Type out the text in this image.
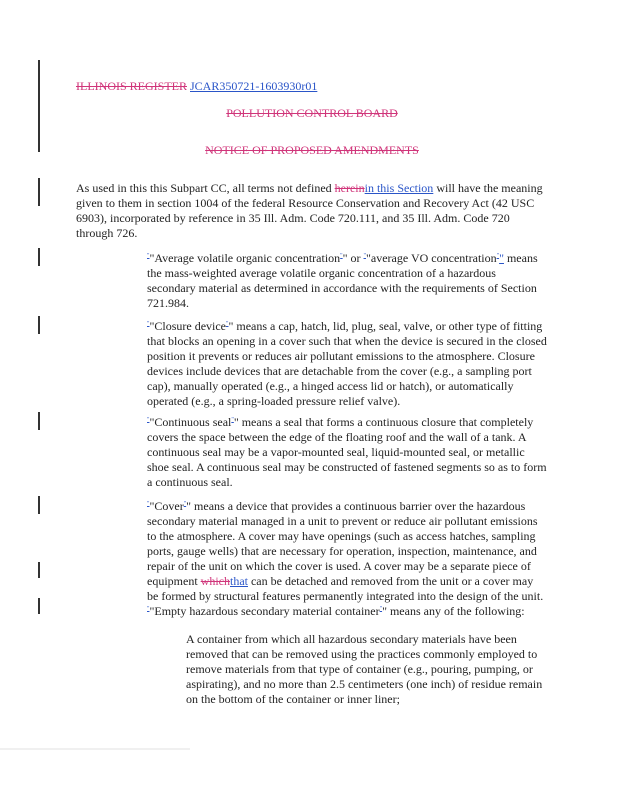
ILLINOIS REGISTER JCAR350721-1603930r01
POLLUTION CONTROL BOARD
NOTICE OF PROPOSED AMENDMENTS

As used in this this Subpart CC, all terms not defined hereinin this Section will have the meaning given to them in section 1004 of the federal Resource Conservation and Recovery Act (42 USC 6903), incorporated by reference in 35 Ill. Adm. Code 720.111, and 35 Ill. Adm. Code 720 through 726.

""Average volatile organic concentration"" or ""average VO concentration"" means the mass-weighted average volatile organic concentration of a hazardous secondary material as determined in accordance with the requirements of Section 721.984.

""Closure device"" means a cap, hatch, lid, plug, seal, valve, or other type of fitting that blocks an opening in a cover such that when the device is secured in the closed position it prevents or reduces air pollutant emissions to the atmosphere. Closure devices include devices that are detachable from the cover (e.g., a sampling port cap), manually operated (e.g., a hinged access lid or hatch), or automatically operated (e.g., a spring-loaded pressure relief valve).

""Continuous seal"" means a seal that forms a continuous closure that completely covers the space between the edge of the floating roof and the wall of a tank. A continuous seal may be a vapor-mounted seal, liquid-mounted seal, or metallic shoe seal. A continuous seal may be constructed of fastened segments so as to form a continuous seal.

""Cover"" means a device that provides a continuous barrier over the hazardous secondary material managed in a unit to prevent or reduce air pollutant emissions to the atmosphere. A cover may have openings (such as access hatches, sampling ports, gauge wells) that are necessary for operation, inspection, maintenance, and repair of the unit on which the cover is used. A cover may be a separate piece of equipment whichthat can be detached and removed from the unit or a cover may be formed by structural features permanently integrated into the design of the unit.

""Empty hazardous secondary material container"" means any of the following:

A container from which all hazardous secondary materials have been removed that can be removed using the practices commonly employed to remove materials from that type of container (e.g., pouring, pumping, or aspirating), and no more than 2.5 centimeters (one inch) of residue remain on the bottom of the container or inner liner;
